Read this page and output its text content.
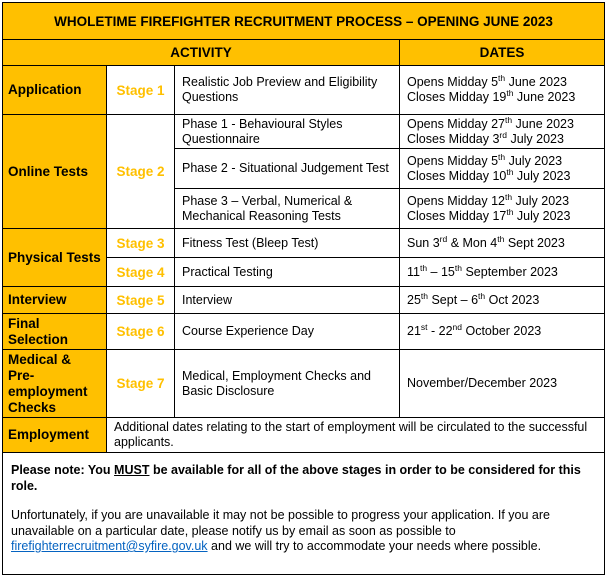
WHOLETIME FIREFIGHTER RECRUITMENT PROCESS – OPENING JUNE 2023			
ACTIVITY			DATES
Application	Stage 1	Realistic Job Preview and Eligibility Questions	Opens Midday 5th June 2023
Closes Midday 19th June 2023

Online Tests	Stage 2	Phase 1 - Behavioural Styles Questionnaire	Opens Midday 27th June 2023
Closes Midday 3rd July 2023

		Phase 2 - Situational Judgement Test	Opens Midday 5th July 2023
Closes Midday 10th July 2023

		Phase 3 – Verbal, Numerical & Mechanical Reasoning Tests	Opens Midday 12th July 2023
Closes Midday 17th July 2023

Physical Tests	Stage 3	Fitness Test (Bleep Test)	Sun 3rd & Mon 4th Sept 2023
	Stage 4	Practical Testing	11th – 15th September 2023
Interview	Stage 5	Interview	25th Sept – 6th Oct 2023
Final Selection	Stage 6	Course Experience Day	21st - 22nd October 2023
Medical & Pre-employment Checks	Stage 7	Medical, Employment Checks and Basic Disclosure	November/December 2023
Employment	Additional dates relating to the start of employment will be circulated to the successful applicants.		

Please note: You MUST be available for all of the above stages in order to be considered for this role.

Unfortunately, if you are unavailable it may not be possible to progress your application. If you are unavailable on a particular date, please notify us by email as soon as possible to firefighterrecruitment@syfire.gov.uk and we will try to accommodate your needs where possible.			
